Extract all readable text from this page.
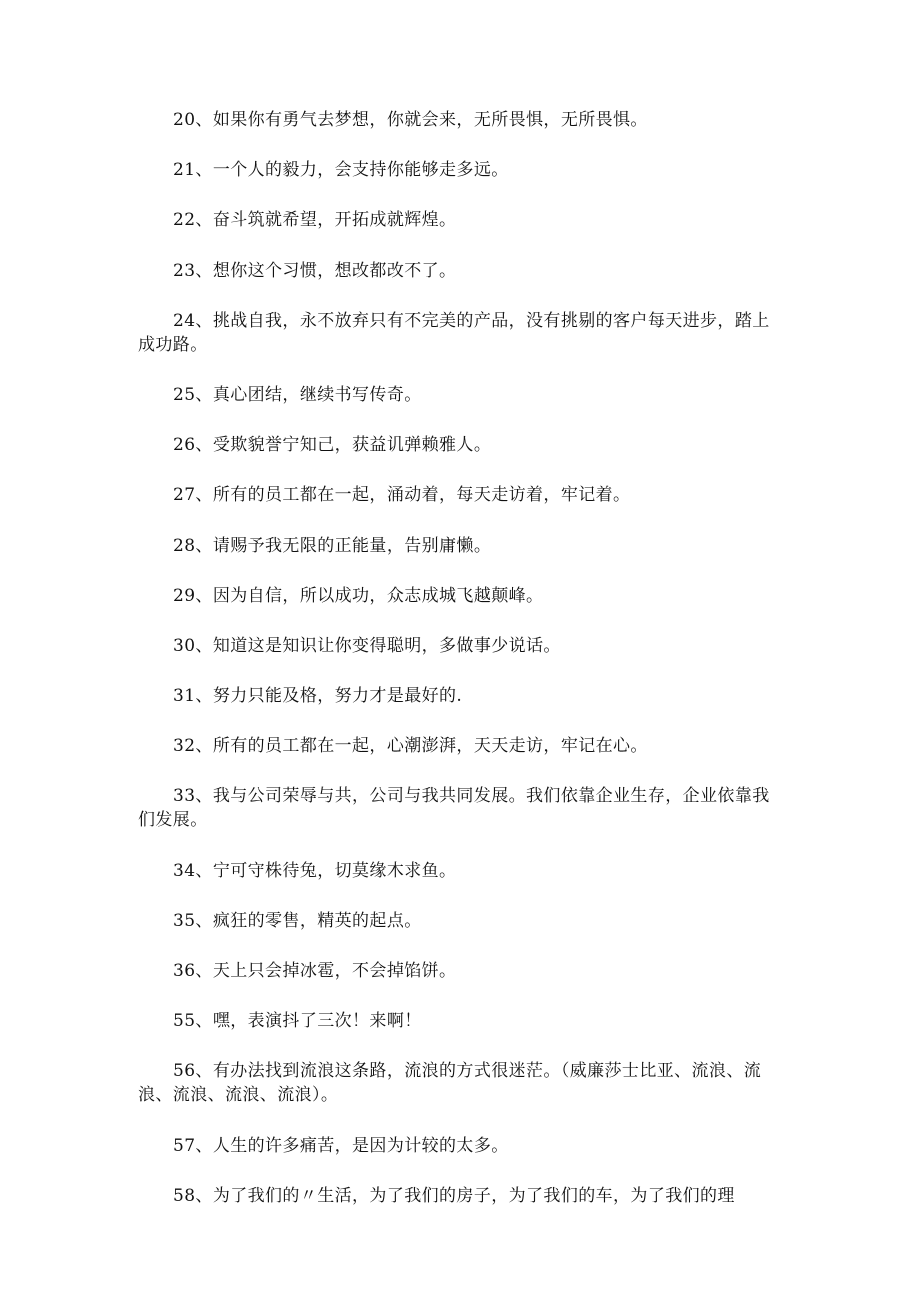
20、如果你有勇气去梦想，你就会来，无所畏惧，无所畏惧。

21、一个人的毅力，会支持你能够走多远。

22、奋斗筑就希望，开拓成就辉煌。

23、想你这个习惯，想改都改不了。

24、挑战自我，永不放弃只有不完美的产品，没有挑剔的客户每天进步，踏上成功路。

25、真心团结，继续书写传奇。

26、受欺貌誉宁知己，获益讥弹赖雅人。

27、所有的员工都在一起，涌动着，每天走访着，牢记着。

28、请赐予我无限的正能量，告别庸懒。

29、因为自信，所以成功，众志成城飞越颠峰。

30、知道这是知识让你变得聪明，多做事少说话。

31、努力只能及格，努力才是最好的.

32、所有的员工都在一起，心潮澎湃，天天走访，牢记在心。

33、我与公司荣辱与共，公司与我共同发展。我们依靠企业生存，企业依靠我们发展。

34、宁可守株待兔，切莫缘木求鱼。

35、疯狂的零售，精英的起点。

36、天上只会掉冰雹，不会掉馅饼。

55、嘿，表演抖了三次！来啊！

56、有办法找到流浪这条路，流浪的方式很迷茫。（威廉莎士比亚、流浪、流浪、流浪、流浪、流浪）。

57、人生的许多痛苦，是因为计较的太多。

58、为了我们的〃生活，为了我们的房子，为了我们的车，为了我们的理
